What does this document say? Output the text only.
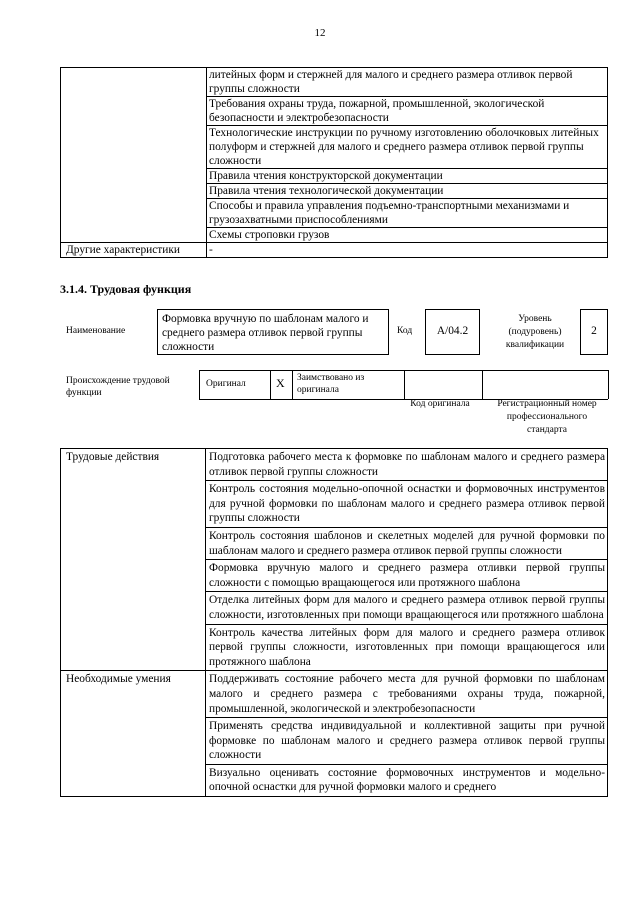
12
	литейных форм и стержней для малого и среднего размера отливок первой группы сложности
	Требования охраны труда, пожарной, промышленной, экологической безопасности и электробезопасности
	Технологические инструкции по ручному изготовлению оболочковых литейных полуформ и стержней для малого и среднего размера отливок первой группы сложности
	Правила чтения конструкторской документации
	Правила чтения технологической документации
	Способы и правила управления подъемно-транспортными механизмами и грузозахватными приспособлениями
	Схемы строповки грузов
Другие характеристики	-
3.1.4. Трудовая функция
Наименование
Формовка вручную по шаблонам малого и среднего размера отливок первой группы сложности
Код	А/04.2
Уровень (подуровень) квалификации
2
Происхождение трудовой функции
Оригинал	X Заимствовано из оригинала
Код оригинала	Регистрационный номер профессионального стандарта
Трудовые действия	Подготовка рабочего места к формовке по шаблонам малого и среднего размера отливок первой группы сложности
	Контроль состояния модельно-опочной оснастки и формовочных инструментов для ручной формовки по шаблонам малого и среднего размера отливок первой группы сложности
	Контроль состояния шаблонов и скелетных моделей для ручной формовки по шаблонам малого и среднего размера отливок первой группы сложности
	Формовка вручную малого и среднего размера отливки первой группы сложности с помощью вращающегося или протяжного шаблона
	Отделка литейных форм для малого и среднего размера отливок первой группы сложности, изготовленных при помощи вращающегося или протяжного шаблона
	Контроль качества литейных форм для малого и среднего размера отливок первой группы сложности, изготовленных при помощи вращающегося или протяжного шаблона
Необходимые умения	Поддерживать состояние рабочего места для ручной формовки по шаблонам малого и среднего размера с требованиями охраны труда, пожарной, промышленной, экологической и электробезопасности
	Применять средства индивидуальной и коллективной защиты при ручной формовке по шаблонам малого и среднего размера отливок первой группы сложности
	Визуально оценивать состояние формовочных инструментов и модельно-опочной оснастки для ручной формовки малого и среднего
